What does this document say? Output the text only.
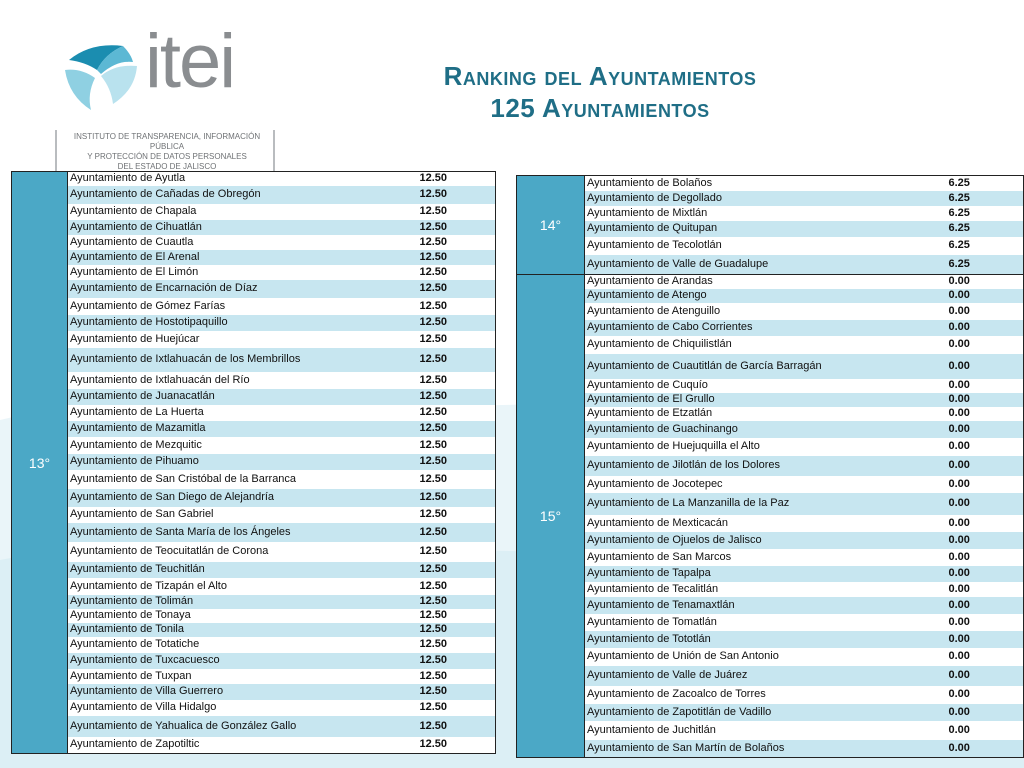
itei
INSTITUTO DE TRANSPARENCIA, INFORMACIÓN PÚBLICA
Y PROTECCIÓN DE DATOS PERSONALES
DEL ESTADO DE JALISCO
Ranking del Ayuntamientos
125 Ayuntamientos
13°	Ayuntamiento de Ayutla	12.50
	Ayuntamiento de Cañadas de Obregón	12.50
	Ayuntamiento de Chapala	12.50
	Ayuntamiento de Cihuatlán	12.50
	Ayuntamiento de Cuautla	12.50
	Ayuntamiento de El Arenal	12.50
	Ayuntamiento de El Limón	12.50
	Ayuntamiento de Encarnación de Díaz	12.50
	Ayuntamiento de Gómez Farías	12.50
	Ayuntamiento de Hostotipaquillo	12.50
	Ayuntamiento de Huejúcar	12.50
	Ayuntamiento de Ixtlahuacán de los Membrillos	12.50
	Ayuntamiento de Ixtlahuacán del Río	12.50
	Ayuntamiento de Juanacatlán	12.50
	Ayuntamiento de La Huerta	12.50
	Ayuntamiento de Mazamitla	12.50
	Ayuntamiento de Mezquitic	12.50
	Ayuntamiento de Pihuamo	12.50
	Ayuntamiento de San Cristóbal de la Barranca	12.50
	Ayuntamiento de San Diego de Alejandría	12.50
	Ayuntamiento de San Gabriel	12.50
	Ayuntamiento de Santa María de los Ángeles	12.50
	Ayuntamiento de Teocuitatlán de Corona	12.50
	Ayuntamiento de Teuchitlán	12.50
	Ayuntamiento de Tizapán el Alto	12.50
	Ayuntamiento de Tolimán	12.50
	Ayuntamiento de Tonaya	12.50
	Ayuntamiento de Tonila	12.50
	Ayuntamiento de Totatiche	12.50
	Ayuntamiento de Tuxcacuesco	12.50
	Ayuntamiento de Tuxpan	12.50
	Ayuntamiento de Villa Guerrero	12.50
	Ayuntamiento de Villa Hidalgo	12.50
	Ayuntamiento de Yahualica de González Gallo	12.50
	Ayuntamiento de Zapotiltic	12.50
14°	Ayuntamiento de Bolaños	6.25
	Ayuntamiento de Degollado	6.25
	Ayuntamiento de Mixtlán	6.25
	Ayuntamiento de Quitupan	6.25
	Ayuntamiento de Tecolotlán	6.25
	Ayuntamiento de Valle de Guadalupe	6.25
15°	Ayuntamiento de Arandas	0.00
	Ayuntamiento de Atengo	0.00
	Ayuntamiento de Atenguillo	0.00
	Ayuntamiento de Cabo Corrientes	0.00
	Ayuntamiento de Chiquilistlán	0.00
	Ayuntamiento de Cuautitlán de García Barragán	0.00
	Ayuntamiento de Cuquío	0.00
	Ayuntamiento de El Grullo	0.00
	Ayuntamiento de Etzatlán	0.00
	Ayuntamiento de Guachinango	0.00
	Ayuntamiento de Huejuquilla el Alto	0.00
	Ayuntamiento de Jilotlán de los Dolores	0.00
	Ayuntamiento de Jocotepec	0.00
	Ayuntamiento de La Manzanilla de la Paz	0.00
	Ayuntamiento de Mexticacán	0.00
	Ayuntamiento de Ojuelos de Jalisco	0.00
	Ayuntamiento de San Marcos	0.00
	Ayuntamiento de Tapalpa	0.00
	Ayuntamiento de Tecalitlán	0.00
	Ayuntamiento de Tenamaxtlán	0.00
	Ayuntamiento de Tomatlán	0.00
	Ayuntamiento de Tototlán	0.00
	Ayuntamiento de Unión de San Antonio	0.00
	Ayuntamiento de Valle de Juárez	0.00
	Ayuntamiento de Zacoalco de Torres	0.00
	Ayuntamiento de Zapotitlán de Vadillo	0.00
	Ayuntamiento de Juchitlán	0.00
	Ayuntamiento de San Martín de Bolaños	0.00
